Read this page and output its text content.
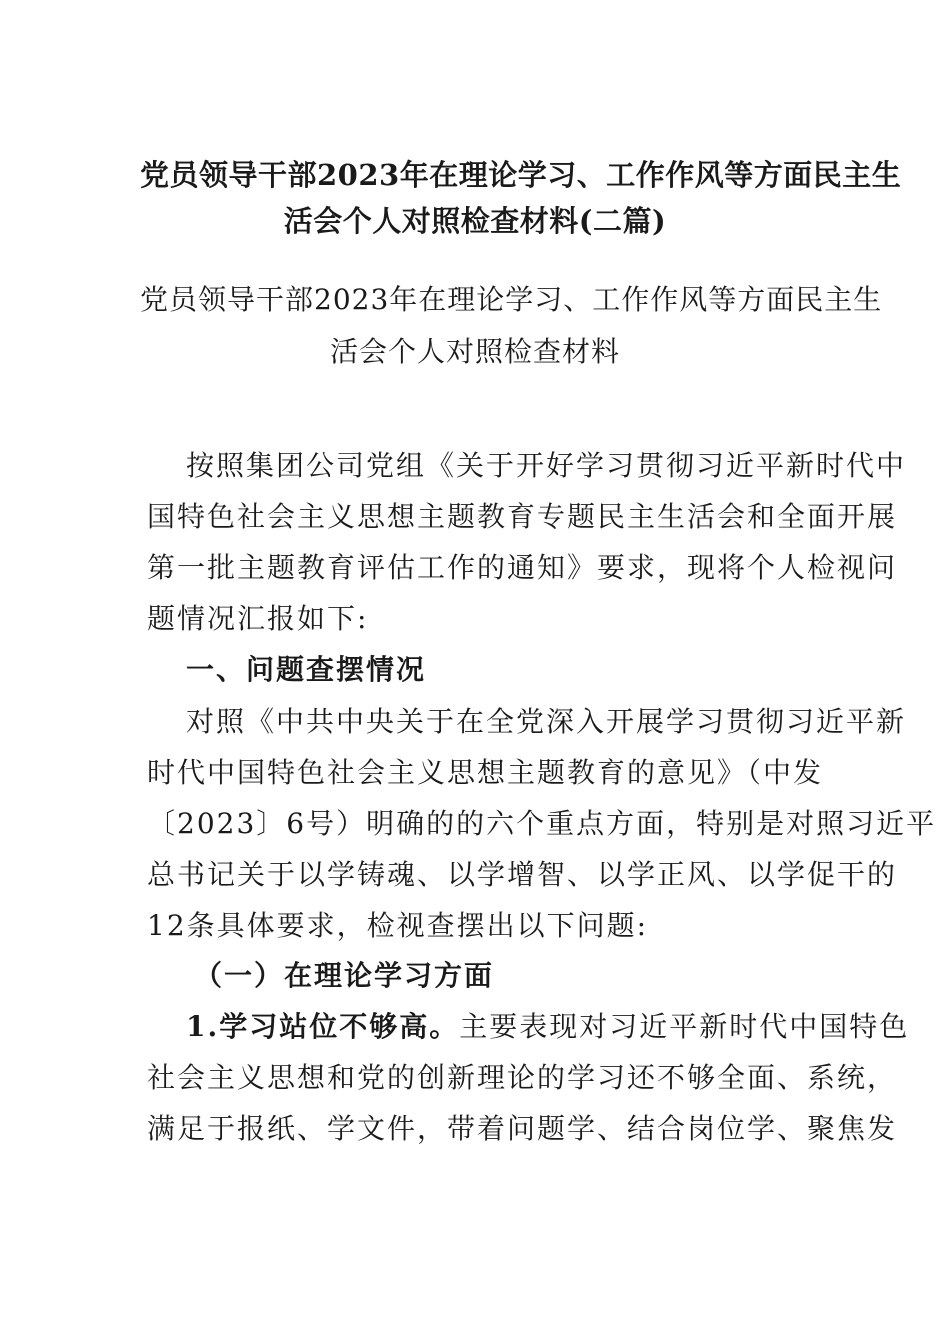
党员领导干部2023年在理论学习、工作作风等方面民主生
活会个人对照检查材料(二篇)
党员领导干部2023年在理论学习、工作作风等方面民主生
活会个人对照检查材料
按照集团公司党组《关于开好学习贯彻习近平新时代中
国特色社会主义思想主题教育专题民主生活会和全面开展
第一批主题教育评估工作的通知》要求，现将个人检视问
题情况汇报如下:
一、问题查摆情况
对照《中共中央关于在全党深入开展学习贯彻习近平新
时代中国特色社会主义思想主题教育的意见》（中发
〔2023〕6号）明确的的六个重点方面，特别是对照习近平
总书记关于以学铸魂、以学增智、以学正风、以学促干的
12条具体要求，检视查摆出以下问题:
（一）在理论学习方面
1.学习站位不够高。主要表现对习近平新时代中国特色
社会主义思想和党的创新理论的学习还不够全面、系统，
满足于报纸、学文件，带着问题学、结合岗位学、聚焦发
